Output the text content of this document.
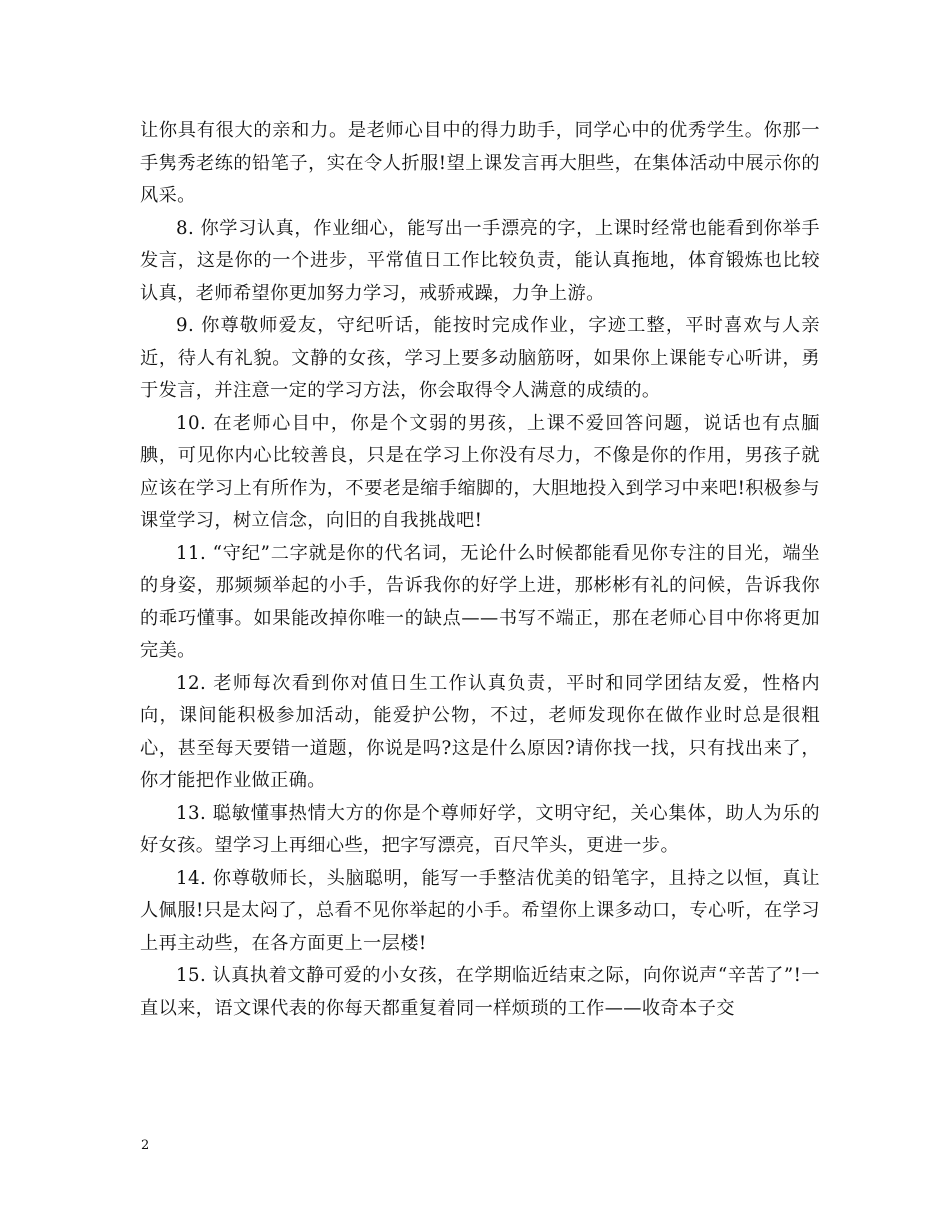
让你具有很大的亲和力。是老师心目中的得力助手，同学心中的优秀学生。你那一手隽秀老练的铅笔子，实在令人折服!望上课发言再大胆些，在集体活动中展示你的风采。

8. 你学习认真，作业细心，能写出一手漂亮的字，上课时经常也能看到你举手发言，这是你的一个进步，平常值日工作比较负责，能认真拖地，体育锻炼也比较认真，老师希望你更加努力学习，戒骄戒躁，力争上游。

9. 你尊敬师爱友，守纪听话，能按时完成作业，字迹工整，平时喜欢与人亲近，待人有礼貌。文静的女孩，学习上要多动脑筋呀，如果你上课能专心听讲，勇于发言，并注意一定的学习方法，你会取得令人满意的成绩的。

10. 在老师心目中，你是个文弱的男孩，上课不爱回答问题，说话也有点腼腆，可见你内心比较善良，只是在学习上你没有尽力，不像是你的作用，男孩子就应该在学习上有所作为，不要老是缩手缩脚的，大胆地投入到学习中来吧!积极参与课堂学习，树立信念，向旧的自我挑战吧!

11. “守纪”二字就是你的代名词，无论什么时候都能看见你专注的目光，端坐的身姿，那频频举起的小手，告诉我你的好学上进，那彬彬有礼的问候，告诉我你的乖巧懂事。如果能改掉你唯一的缺点——书写不端正，那在老师心目中你将更加完美。

12. 老师每次看到你对值日生工作认真负责，平时和同学团结友爱，性格内向，课间能积极参加活动，能爱护公物，不过，老师发现你在做作业时总是很粗心，甚至每天要错一道题，你说是吗?这是什么原因?请你找一找，只有找出来了，你才能把作业做正确。

13. 聪敏懂事热情大方的你是个尊师好学，文明守纪，关心集体，助人为乐的好女孩。望学习上再细心些，把字写漂亮，百尺竿头，更进一步。

14. 你尊敬师长，头脑聪明，能写一手整洁优美的铅笔字，且持之以恒，真让人佩服!只是太闷了，总看不见你举起的小手。希望你上课多动口，专心听，在学习上再主动些，在各方面更上一层楼!

15. 认真执着文静可爱的小女孩，在学期临近结束之际，向你说声“辛苦了”!一直以来，语文课代表的你每天都重复着同一样烦琐的工作——收奇本子交

2
